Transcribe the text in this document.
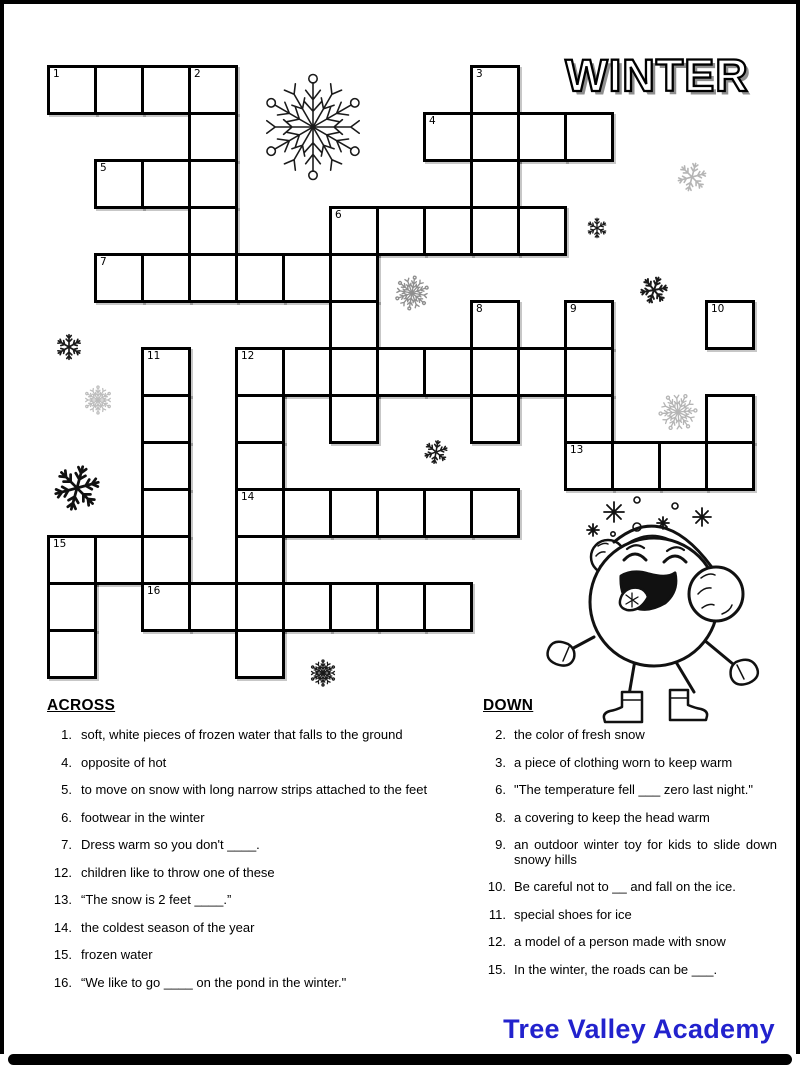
WINTER
1	2	3
4
5
6
7
8	9	10
11	12
13
14
15
16
ACROSS
1. soft, white pieces of frozen water that falls to the ground
4. opposite of hot
5. to move on snow with long narrow strips attached to the feet
6. footwear in the winter
7. Dress warm so you don't ____.
12. children like to throw one of these
13. “The snow is 2 feet ____.”
14. the coldest season of the year
15. frozen water
16. “We like to go ____ on the pond in the winter."
DOWN
2. the color of fresh snow
3. a piece of clothing worn to keep warm
6. "The temperature fell ___ zero last night."
8. a covering to keep the head warm
9. an outdoor winter toy for kids to slide down snowy hills
10. Be careful not to __ and fall on the ice.
11. special shoes for ice
12. a model of a person made with snow
15. In the winter, the roads can be ___.
Tree Valley Academy
